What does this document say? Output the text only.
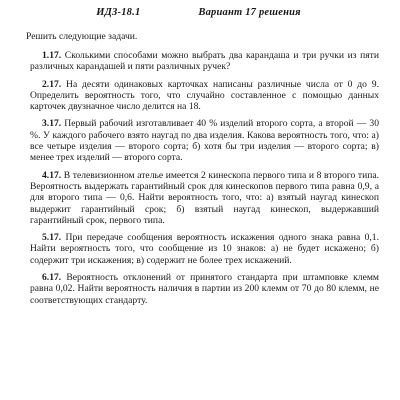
ИДЗ-18.1	Вариант 17 решения
Решить следующие задачи.
1.17. Сколькими способами можно выбрать два карандаша и три ручки из пяти различных карандашей и пяти различных ручек?
2.17. На десяти одинаковых карточках написаны различные числа от 0 до 9. Определить вероятность того, что случайно составленное с помощью данных карточек двузначное число делится на 18.
3.17. Первый рабочий изготавливает 40 % изделий второго сорта, а второй — 30 %. У каждого рабочего взято наугад по два изделия. Какова вероятность того, что: а) все четыре изделия — второго сорта; б) хотя бы три изделия — второго сорта; в) менее трех изделий — второго сорта.
4.17. В телевизионном ательe имеется 2 кинескопа первого типа и 8 второго типа. Вероятность выдержать гарантийный срок для кинескопов первого типа равна 0,9, а для второго типа — 0,6. Найти вероятность того, что: а) взятый наугад кинескоп выдержит гарантийный срок; б) взятый наугад кинескоп, выдержавший гарантийный срок, первого типа.
5.17. При передаче сообщения вероятность искажения одного знака равна 0,1. Найти вероятность того, что сообщение из 10 знаков: а) не будет искажено; б) содержит три искажения; в) содержит не более трех искажений.
6.17. Вероятность отклонений от принятого стандарта при штамповке клемм равна 0,02. Найти вероятность наличия в партии из 200 клемм от 70 до 80 клемм, не соответствующих стандарту.
